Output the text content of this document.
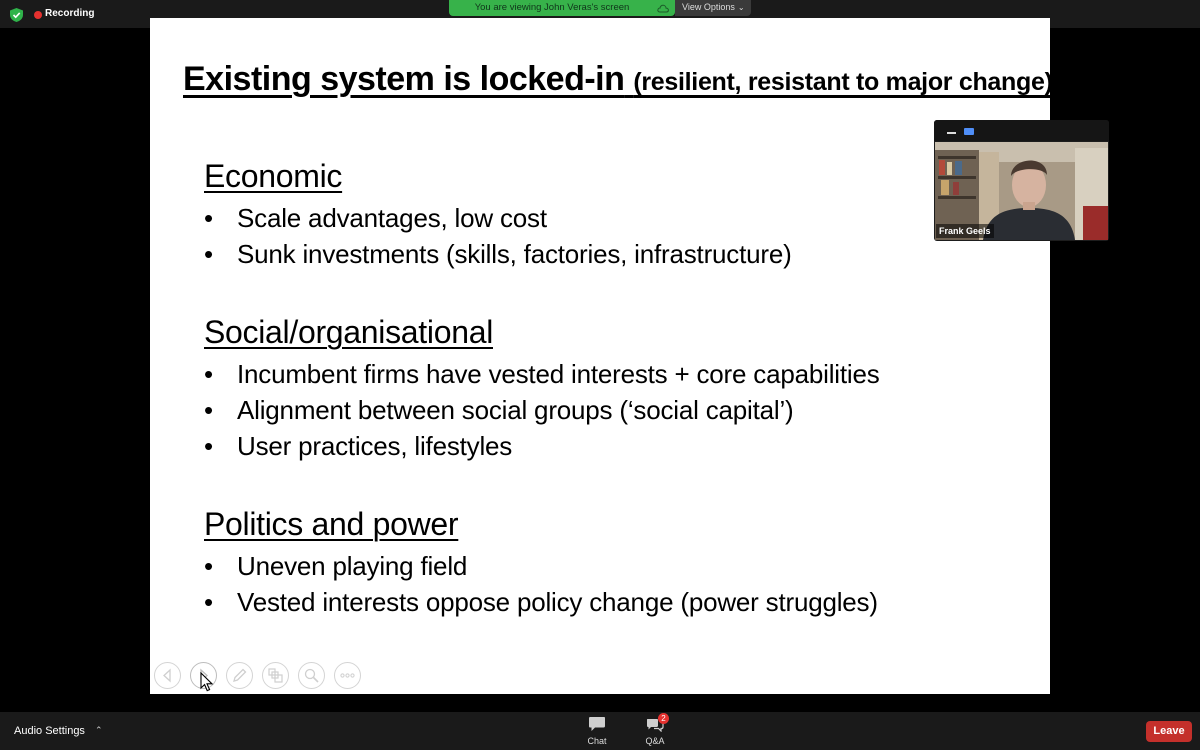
Recording
You are viewing John Veras's screen	View Options ⌄
Existing system is locked-in (resilient, resistant to major change)
Economic
• Scale advantages, low cost
• Sunk investments (skills, factories, infrastructure)
Social/organisational
• Incumbent firms have vested interests + core capabilities
• Alignment between social groups (‘social capital’)
• User practices, lifestyles
Politics and power
• Uneven playing field
• Vested interests oppose policy change (power struggles)
Frank Geels
Audio Settings ⌃
Chat
2
Q&A
Leave
